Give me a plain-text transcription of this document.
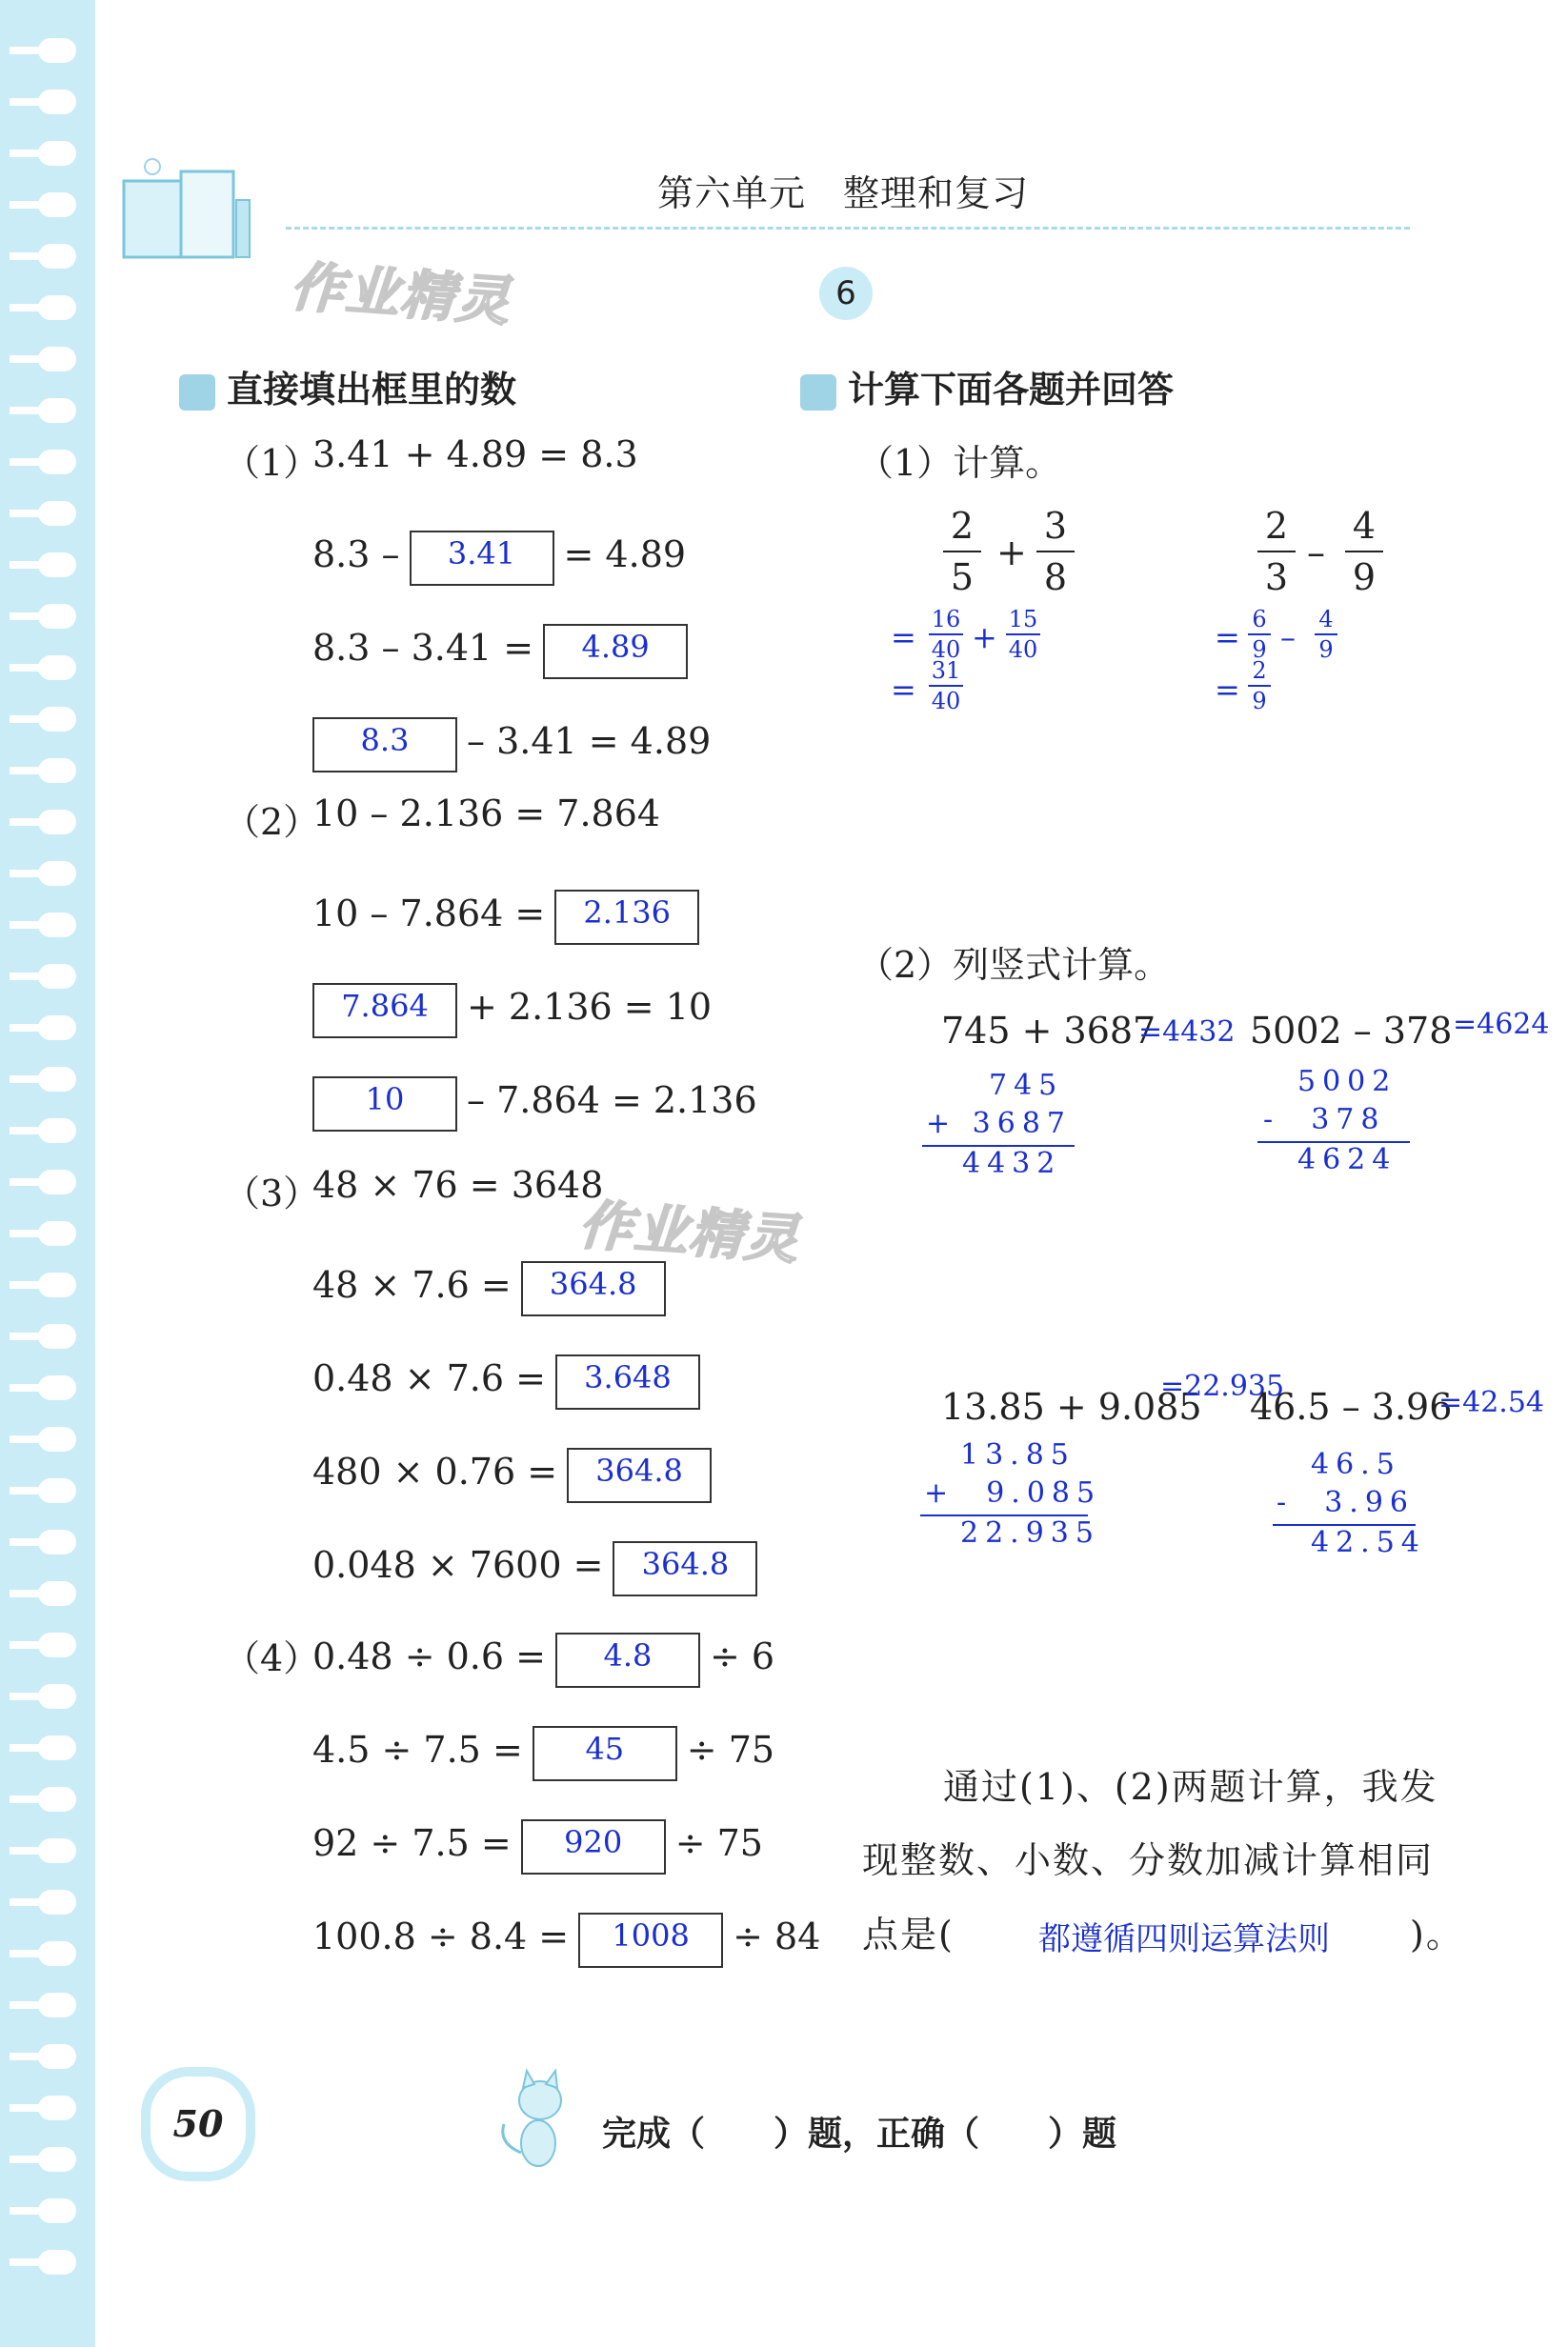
第六单元　整理和复习
6
作业精灵
作业精灵
直接填出框里的数
（1）
3.41 + 4.89 = 8.3
8.3 –	3.41	= 4.89
8.3 – 3.41 =	4.89
8.3	– 3.41 = 4.89
（2）
10 – 2.136 = 7.864
10 – 7.864 =	2.136
7.864	+ 2.136 = 10
10	– 7.864 = 2.136
（3）
48 × 76 = 3648
48 × 7.6 =	364.8
0.48 × 7.6 =	3.648
480 × 0.76 =	364.8
0.048 × 7600 =	364.8
（4）
0.48 ÷ 0.6 =	4.8	÷ 6
4.5 ÷ 7.5 =	45	÷ 75
92 ÷ 7.5 =	920	÷ 75
100.8 ÷ 8.4 =	1008	÷ 84
计算下面各题并回答
（1）计算。
2
5
+
3
8
2
3
–
4
9
= 16
40 + 15
40
=
31
40
= 6
9 – 4
9
=
2
9
（2）列竖式计算。
745 + 3687
=4432
745
+ 3687
4432
5002 – 378 =4624
5002
-  378
4624
13.85 + 9.085
=22.935
13.85
+  9.085
22.935
46.5 – 3.96
=42.54
46.5
-  3.96
42.54
通过(1)、(2)两题计算，我发
现整数、小数、分数加减计算相同
点是(	都遵循四则运算法则 )。
50	完成（　　）题，正确（　　）题
